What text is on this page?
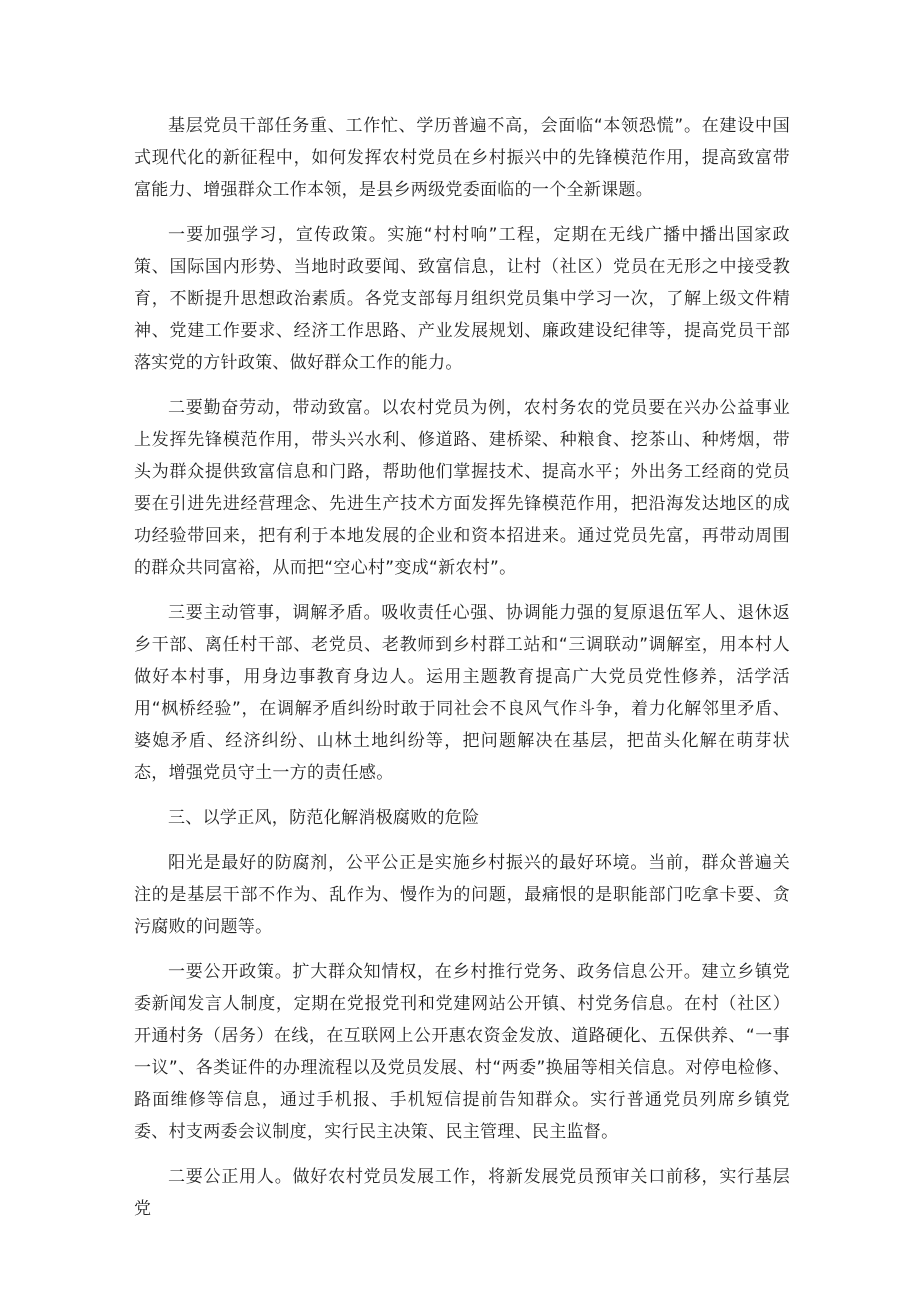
基层党员干部任务重、工作忙、学历普遍不高，会面临“本领恐慌”。在建设中国式现代化的新征程中，如何发挥农村党员在乡村振兴中的先锋模范作用，提高致富带富能力、增强群众工作本领，是县乡两级党委面临的一个全新课题。

一要加强学习，宣传政策。实施“村村响”工程，定期在无线广播中播出国家政策、国际国内形势、当地时政要闻、致富信息，让村（社区）党员在无形之中接受教育，不断提升思想政治素质。各党支部每月组织党员集中学习一次，了解上级文件精神、党建工作要求、经济工作思路、产业发展规划、廉政建设纪律等，提高党员干部落实党的方针政策、做好群众工作的能力。

二要勤奋劳动，带动致富。以农村党员为例，农村务农的党员要在兴办公益事业上发挥先锋模范作用，带头兴水利、修道路、建桥梁、种粮食、挖茶山、种烤烟，带头为群众提供致富信息和门路，帮助他们掌握技术、提高水平；外出务工经商的党员要在引进先进经营理念、先进生产技术方面发挥先锋模范作用，把沿海发达地区的成功经验带回来，把有利于本地发展的企业和资本招进来。通过党员先富，再带动周围的群众共同富裕，从而把“空心村”变成“新农村”。

三要主动管事，调解矛盾。吸收责任心强、协调能力强的复原退伍军人、退休返乡干部、离任村干部、老党员、老教师到乡村群工站和“三调联动”调解室，用本村人做好本村事，用身边事教育身边人。运用主题教育提高广大党员党性修养，活学活用“枫桥经验”，在调解矛盾纠纷时敢于同社会不良风气作斗争，着力化解邻里矛盾、婆媳矛盾、经济纠纷、山林土地纠纷等，把问题解决在基层，把苗头化解在萌芽状态，增强党员守土一方的责任感。

三、以学正风，防范化解消极腐败的危险

阳光是最好的防腐剂，公平公正是实施乡村振兴的最好环境。当前，群众普遍关注的是基层干部不作为、乱作为、慢作为的问题，最痛恨的是职能部门吃拿卡要、贪污腐败的问题等。

一要公开政策。扩大群众知情权，在乡村推行党务、政务信息公开。建立乡镇党委新闻发言人制度，定期在党报党刊和党建网站公开镇、村党务信息。在村（社区）开通村务（居务）在线，在互联网上公开惠农资金发放、道路硬化、五保供养、“一事一议”、各类证件的办理流程以及党员发展、村“两委”换届等相关信息。对停电检修、路面维修等信息，通过手机报、手机短信提前告知群众。实行普通党员列席乡镇党委、村支两委会议制度，实行民主决策、民主管理、民主监督。

二要公正用人。做好农村党员发展工作，将新发展党员预审关口前移，实行基层党
